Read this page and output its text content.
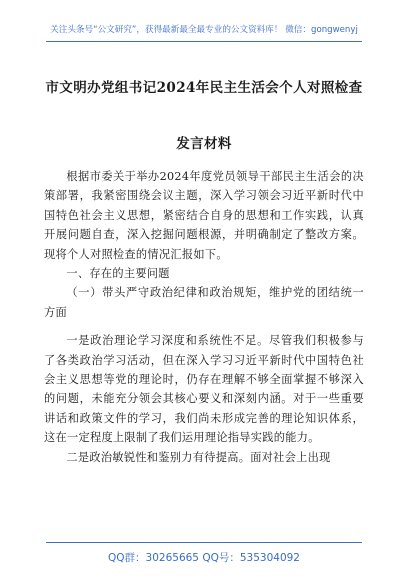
关注头条号“公文研究”，获得最新最全最专业的公文资料库！ 微信：gongwenyj
市文明办党组书记2024年民主生活会个人对照检查发言材料

根据市委关于举办2024年度党员领导干部民主生活会的决策部署，我紧密围绕会议主题，深入学习领会习近平新时代中国特色社会主义思想，紧密结合自身的思想和工作实践，认真开展问题自查，深入挖掘问题根源，并明确制定了整改方案。现将个人对照检查的情况汇报如下。

一、存在的主要问题

（一）带头严守政治纪律和政治规矩，维护党的团结统一方面

一是政治理论学习深度和系统性不足。尽管我们积极参与了各类政治学习活动，但在深入学习习近平新时代中国特色社会主义思想等党的理论时，仍存在理解不够全面掌握不够深入的问题，未能充分领会其核心要义和深刻内涵。对于一些重要讲话和政策文件的学习，我们尚未形成完善的理论知识体系，这在一定程度上限制了我们运用理论指导实践的能力。

二是政治敏锐性和鉴别力有待提高。面对社会上出现

QQ群：30265665 QQ号：535304092
